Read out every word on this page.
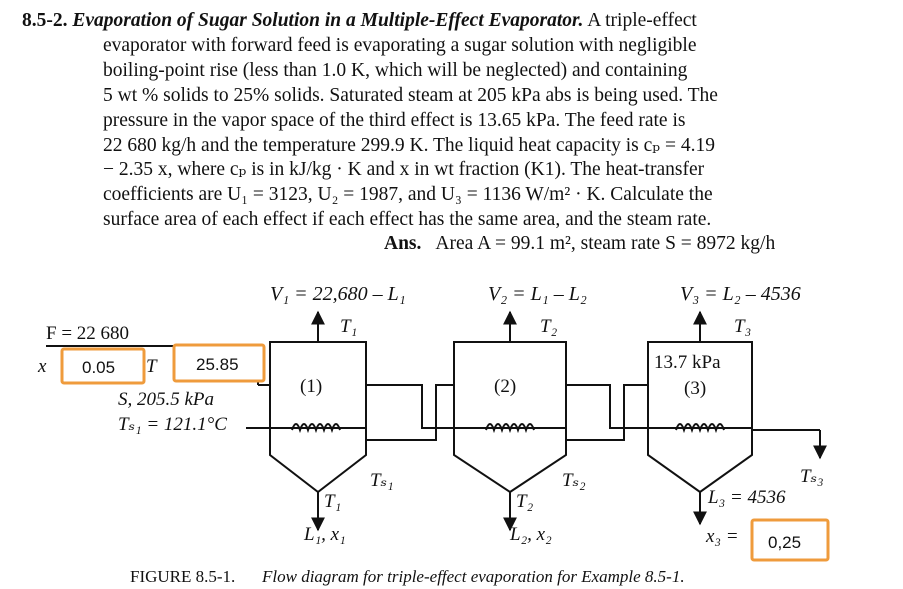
8.5-2. Evaporation of Sugar Solution in a Multiple-Effect Evaporator. A triple-effect
evaporator with forward feed is evaporating a sugar solution with negligible
boiling-point rise (less than 1.0 K, which will be neglected) and containing
5 wt % solids to 25% solids. Saturated steam at 205 kPa abs is being used. The
pressure in the vapor space of the third effect is 13.65 kPa. The feed rate is
22 680 kg/h and the temperature 299.9 K. The liquid heat capacity is cₚ = 4.19
− 2.35 x, where cₚ is in kJ/kg · K and x in wt fraction (K1). The heat-transfer
coefficients are U₁ = 3123, U₂ = 1987, and U₃ = 1136 W/m² · K. Calculate the
surface area of each effect if each effect has the same area, and the steam rate.
Ans. Area A = 99.1 m², steam rate S = 8972 kg/h
V₁ = 22,680 – L₁	V₂ = L₁ – L₂	V₃ = L₂ – 4536
T₁
(1)
Tₛ₁
T₁
L₁, x₁
T₂
(2)
Tₛ₂
T₂
L₂, x₂
T₃
13.7 kPa
(3)
Tₛ₃
L₃ = 4536
x₃ =
F = 22 680
x	T
0.05	25.85
S, 205.5 kPa
Tₛ₁ = 121.1°C
0,25
FIGURE 8.5-1. Flow diagram for triple-effect evaporation for Example 8.5-1.
